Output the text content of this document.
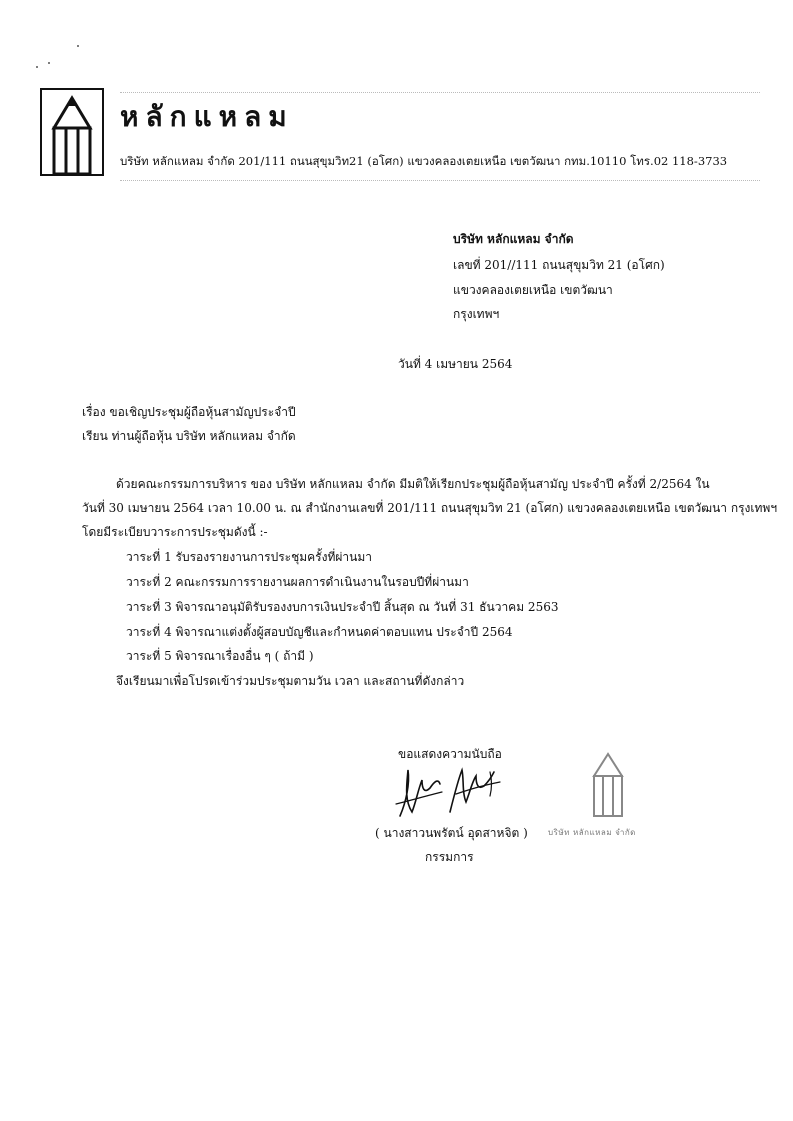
หลักแหลม
บริษัท หลักแหลม จำกัด 201/111 ถนนสุขุมวิท21 (อโศก) แขวงคลองเตยเหนือ เขตวัฒนา กทม.10110 โทร.02 118-3733
บริษัท หลักแหลม จำกัด
เลขที่ 201//111 ถนนสุขุมวิท 21 (อโศก)
แขวงคลองเตยเหนือ เขตวัฒนา
กรุงเทพฯ
วันที่ 4 เมษายน 2564
เรื่อง ขอเชิญประชุมผู้ถือหุ้นสามัญประจำปี
เรียน ท่านผู้ถือหุ้น บริษัท หลักแหลม จำกัด
ด้วยคณะกรรมการบริหาร ของ บริษัท หลักแหลม จำกัด มีมติให้เรียกประชุมผู้ถือหุ้นสามัญ ประจำปี ครั้งที่ 2/2564 ใน
วันที่ 30 เมษายน 2564 เวลา 10.00 น. ณ สำนักงานเลขที่ 201/111 ถนนสุขุมวิท 21 (อโศก) แขวงคลองเตยเหนือ เขตวัฒนา กรุงเทพฯ
โดยมีระเบียบวาระการประชุมดังนี้ :-
วาระที่ 1 รับรองรายงานการประชุมครั้งที่ผ่านมา
วาระที่ 2 คณะกรรมการรายงานผลการดำเนินงานในรอบปีที่ผ่านมา
วาระที่ 3 พิจารณาอนุมัติรับรองงบการเงินประจำปี สิ้นสุด ณ วันที่ 31 ธันวาคม 2563
วาระที่ 4 พิจารณาแต่งตั้งผู้สอบบัญชีและกำหนดค่าตอบแทน ประจำปี 2564
วาระที่ 5 พิจารณาเรื่องอื่น ๆ ( ถ้ามี )
จึงเรียนมาเพื่อโปรดเข้าร่วมประชุมตามวัน เวลา และสถานที่ดังกล่าว
ขอแสดงความนับถือ
( นางสาวนพรัตน์ อุดสาหจิต )
กรรมการ
บริษัท หลักแหลม จำกัด
